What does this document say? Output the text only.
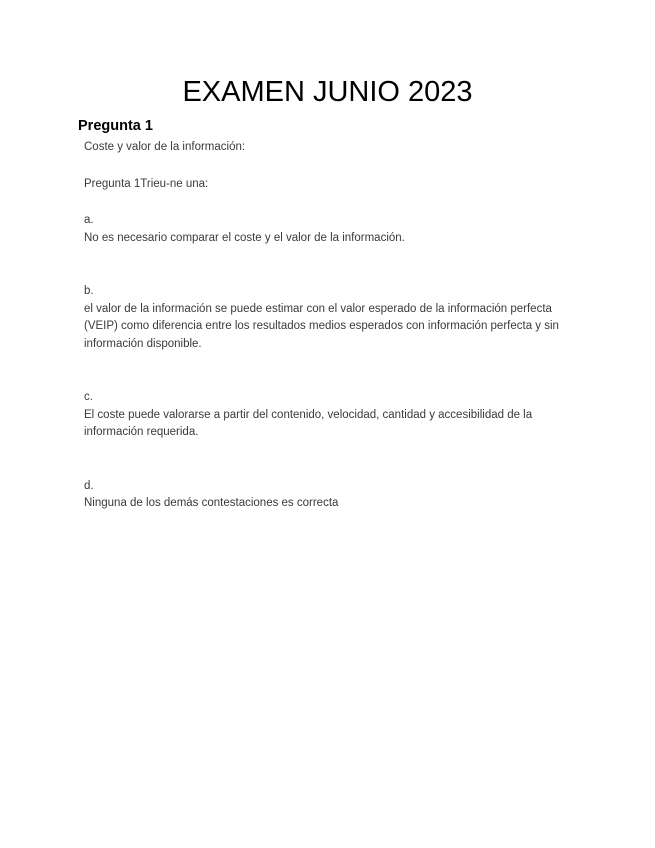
EXAMEN JUNIO 2023
Pregunta 1

Coste y valor de la información:

Pregunta 1Trieu-ne una:

a.

No es necesario comparar el coste y el valor de la información.

b.

el valor de la información se puede estimar con el valor esperado de la información perfecta (VEIP) como diferencia entre los resultados medios esperados con información perfecta y sin información disponible.

c.

El coste puede valorarse a partir del contenido, velocidad, cantidad y accesibilidad de la información requerida.

d.

Ninguna de los demás contestaciones es correcta
